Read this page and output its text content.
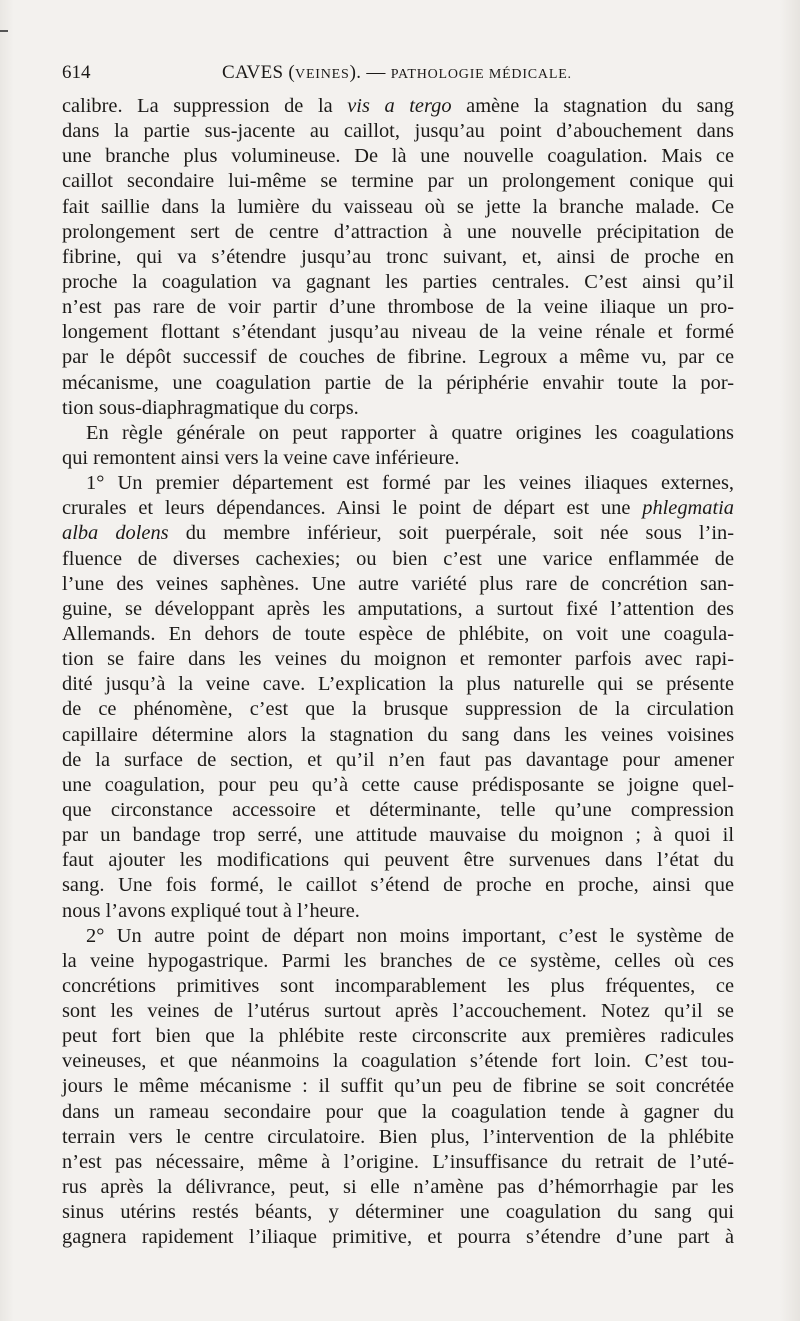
614	CAVES (VEINES). — PATHOLOGIE MÉDICALE.
calibre. La suppression de la vis a tergo amène la stagnation du sang
dans la partie sus-jacente au caillot, jusqu’au point d’abouchement dans
une branche plus volumineuse. De là une nouvelle coagulation. Mais ce
caillot secondaire lui-même se termine par un prolongement conique qui
fait saillie dans la lumière du vaisseau où se jette la branche malade. Ce
prolongement sert de centre d’attraction à une nouvelle précipitation de
fibrine, qui va s’étendre jusqu’au tronc suivant, et, ainsi de proche en
proche la coagulation va gagnant les parties centrales. C’est ainsi qu’il
n’est pas rare de voir partir d’une thrombose de la veine iliaque un pro-
longement flottant s’étendant jusqu’au niveau de la veine rénale et formé
par le dépôt successif de couches de fibrine. Legroux a même vu, par ce
mécanisme, une coagulation partie de la périphérie envahir toute la por-
tion sous-diaphragmatique du corps.
En règle générale on peut rapporter à quatre origines les coagulations
qui remontent ainsi vers la veine cave inférieure.
1° Un premier département est formé par les veines iliaques externes,
crurales et leurs dépendances. Ainsi le point de départ est une phlegmatia
alba dolens du membre inférieur, soit puerpérale, soit née sous l’in-
fluence de diverses cachexies; ou bien c’est une varice enflammée de
l’une des veines saphènes. Une autre variété plus rare de concrétion san-
guine, se développant après les amputations, a surtout fixé l’attention des
Allemands. En dehors de toute espèce de phlébite, on voit une coagula-
tion se faire dans les veines du moignon et remonter parfois avec rapi-
dité jusqu’à la veine cave. L’explication la plus naturelle qui se présente
de ce phénomène, c’est que la brusque suppression de la circulation
capillaire détermine alors la stagnation du sang dans les veines voisines
de la surface de section, et qu’il n’en faut pas davantage pour amener
une coagulation, pour peu qu’à cette cause prédisposante se joigne quel-
que circonstance accessoire et déterminante, telle qu’une compression
par un bandage trop serré, une attitude mauvaise du moignon ; à quoi il
faut ajouter les modifications qui peuvent être survenues dans l’état du
sang. Une fois formé, le caillot s’étend de proche en proche, ainsi que
nous l’avons expliqué tout à l’heure.
2° Un autre point de départ non moins important, c’est le système de
la veine hypogastrique. Parmi les branches de ce système, celles où ces
concrétions primitives sont incomparablement les plus fréquentes, ce
sont les veines de l’utérus surtout après l’accouchement. Notez qu’il se
peut fort bien que la phlébite reste circonscrite aux premières radicules
veineuses, et que néanmoins la coagulation s’étende fort loin. C’est tou-
jours le même mécanisme : il suffit qu’un peu de fibrine se soit concrétée
dans un rameau secondaire pour que la coagulation tende à gagner du
terrain vers le centre circulatoire. Bien plus, l’intervention de la phlébite
n’est pas nécessaire, même à l’origine. L’insuffisance du retrait de l’uté-
rus après la délivrance, peut, si elle n’amène pas d’hémorrhagie par les
sinus utérins restés béants, y déterminer une coagulation du sang qui
gagnera rapidement l’iliaque primitive, et pourra s’étendre d’une part à
